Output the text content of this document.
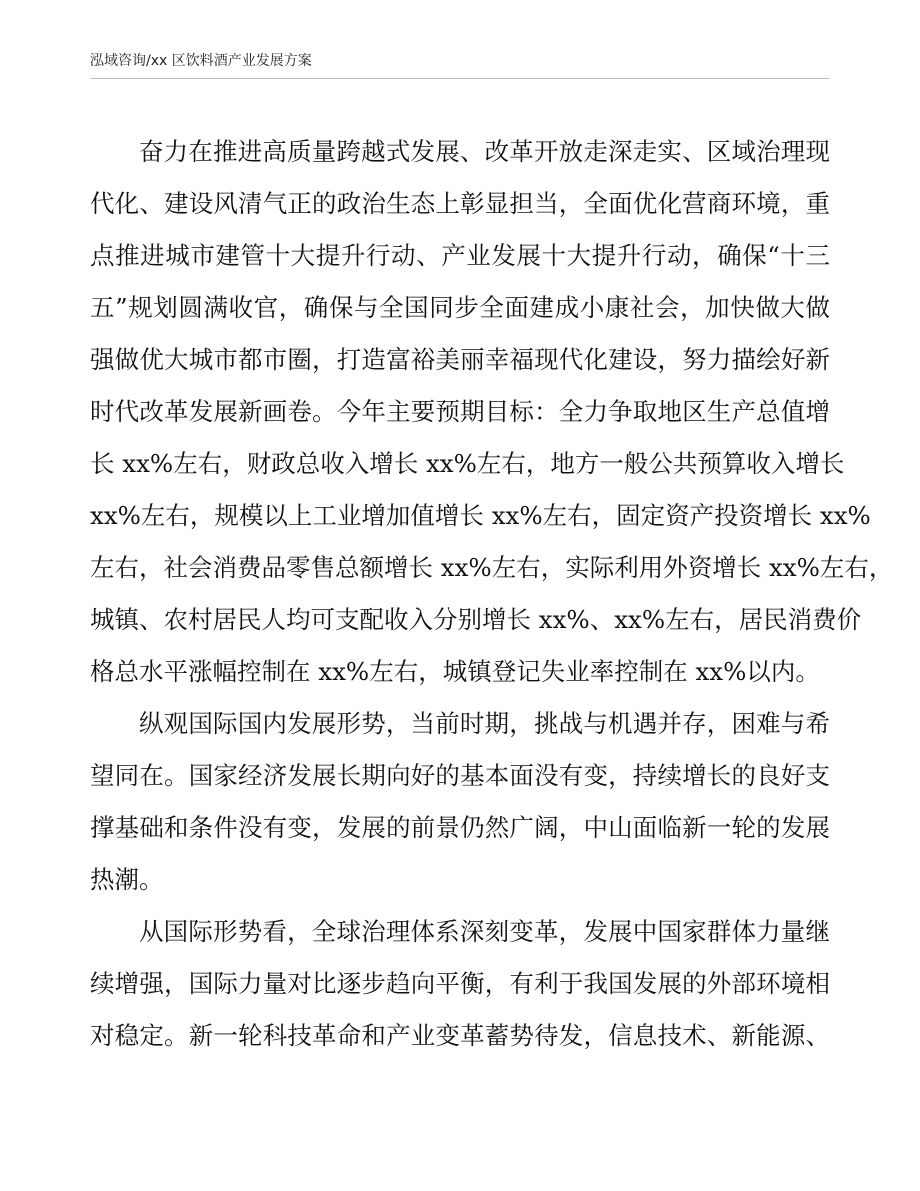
泓域咨询/xx 区饮料酒产业发展方案
奋力在推进高质量跨越式发展、改革开放走深走实、区域治理现
代化、建设风清气正的政治生态上彰显担当，全面优化营商环境，重
点推进城市建管十大提升行动、产业发展十大提升行动，确保“十三
五”规划圆满收官，确保与全国同步全面建成小康社会，加快做大做
强做优大城市都市圈，打造富裕美丽幸福现代化建设，努力描绘好新
时代改革发展新画卷。今年主要预期目标：全力争取地区生产总值增
长 xx%左右，财政总收入增长 xx%左右，地方一般公共预算收入增长
xx%左右，规模以上工业增加值增长 xx%左右，固定资产投资增长 xx%
左右，社会消费品零售总额增长 xx%左右，实际利用外资增长 xx%左右，
城镇、农村居民人均可支配收入分别增长 xx%、xx%左右，居民消费价
格总水平涨幅控制在 xx%左右，城镇登记失业率控制在 xx%以内。
纵观国际国内发展形势，当前时期，挑战与机遇并存，困难与希
望同在。国家经济发展长期向好的基本面没有变，持续增长的良好支
撑基础和条件没有变，发展的前景仍然广阔，中山面临新一轮的发展
热潮。
从国际形势看，全球治理体系深刻变革，发展中国家群体力量继
续增强，国际力量对比逐步趋向平衡，有利于我国发展的外部环境相
对稳定。新一轮科技革命和产业变革蓄势待发，信息技术、新能源、
